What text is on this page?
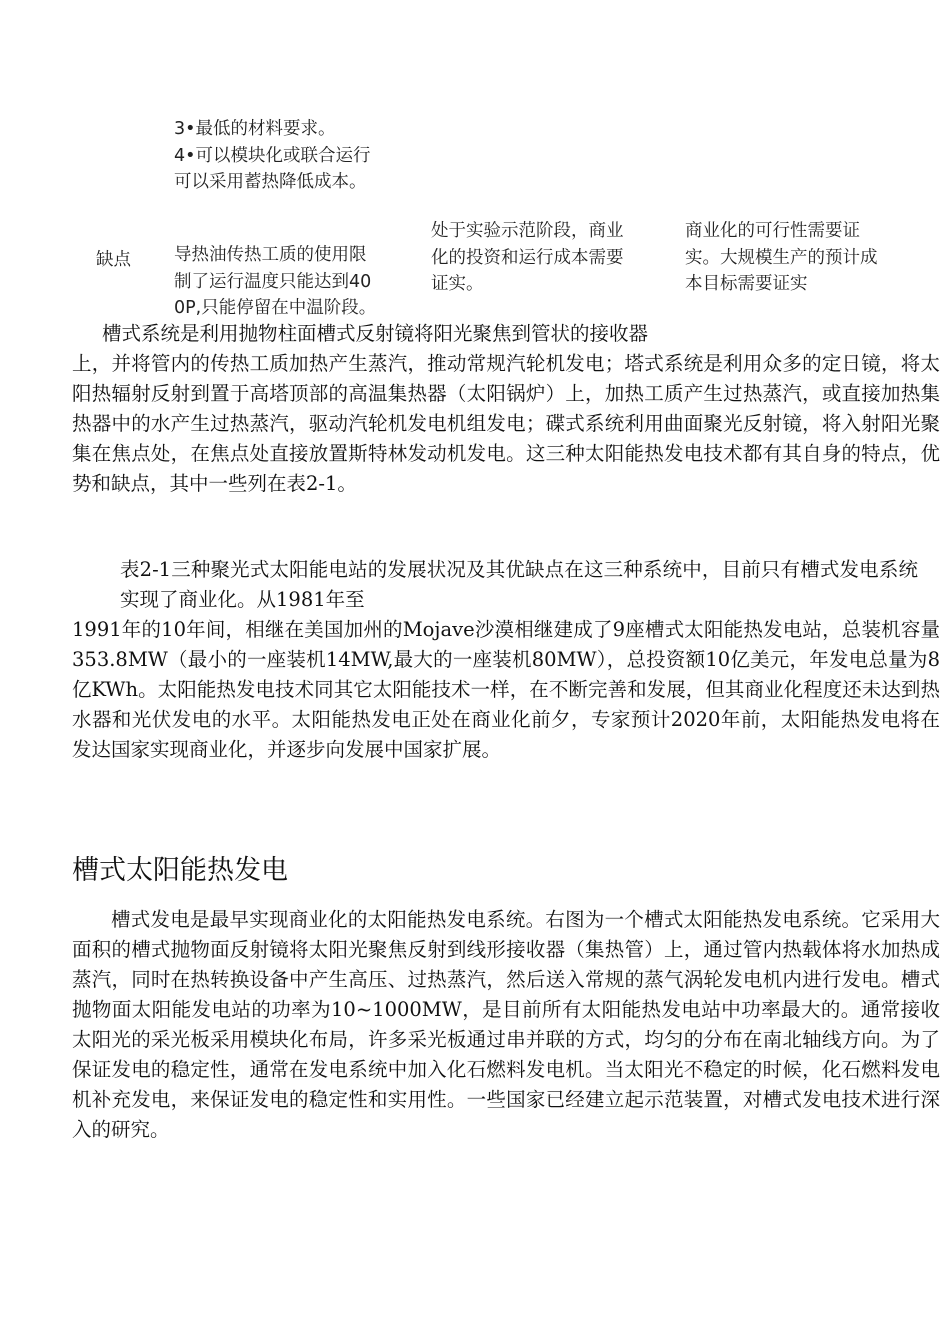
3•最低的材料要求。
4•可以模块化或联合运行
可以采用蓄热降低成本。
缺点 导热油传热工质的使用限
制了运行温度只能达到40
0P,只能停留在中温阶段。
处于实验示范阶段，商业
化的投资和运行成本需要
证实。
商业化的可行性需要证
实。大规模生产的预计成
本目标需要证实
槽式系统是利用抛物柱面槽式反射镜将阳光聚焦到管状的接收器
上，并将管内的传热工质加热产生蒸汽，推动常规汽轮机发电；塔式系统是利用众多的定日镜，将太阳热辐射反射到置于高塔顶部的高温集热器（太阳锅炉）上，加热工质产生过热蒸汽，或直接加热集热器中的水产生过热蒸汽，驱动汽轮机发电机组发电；碟式系统利用曲面聚光反射镜，将入射阳光聚集在焦点处，在焦点处直接放置斯特林发动机发电。这三种太阳能热发电技术都有其自身的特点，优势和缺点，其中一些列在表2-1。
表2-1三种聚光式太阳能电站的发展状况及其优缺点在这三种系统中，目前只有槽式发电系统实现了商业化。从1981年至
1991年的10年间，相继在美国加州的Mojave沙漠相继建成了9座槽式太阳能热发电站，总装机容量353.8MW（最小的一座装机14MW,最大的一座装机80MW），总投资额10亿美元，年发电总量为8亿KWh。太阳能热发电技术同其它太阳能技术一样，在不断完善和发展，但其商业化程度还未达到热水器和光伏发电的水平。太阳能热发电正处在商业化前夕，专家预计2020年前，太阳能热发电将在发达国家实现商业化，并逐步向发展中国家扩展。
槽式太阳能热发电
槽式发电是最早实现商业化的太阳能热发电系统。右图为一个槽式太阳能热发电系统。它采用大面积的槽式抛物面反射镜将太阳光聚焦反射到线形接收器（集热管）上，通过管内热载体将水加热成蒸汽，同时在热转换设备中产生高压、过热蒸汽，然后送入常规的蒸气涡轮发电机内进行发电。槽式抛物面太阳能发电站的功率为10~1000MW，是目前所有太阳能热发电站中功率最大的。通常接收太阳光的采光板采用模块化布局，许多采光板通过串并联的方式，均匀的分布在南北轴线方向。为了保证发电的稳定性，通常在发电系统中加入化石燃料发电机。当太阳光不稳定的时候，化石燃料发电机补充发电，来保证发电的稳定性和实用性。一些国家已经建立起示范装置，对槽式发电技术进行深入的研究。
